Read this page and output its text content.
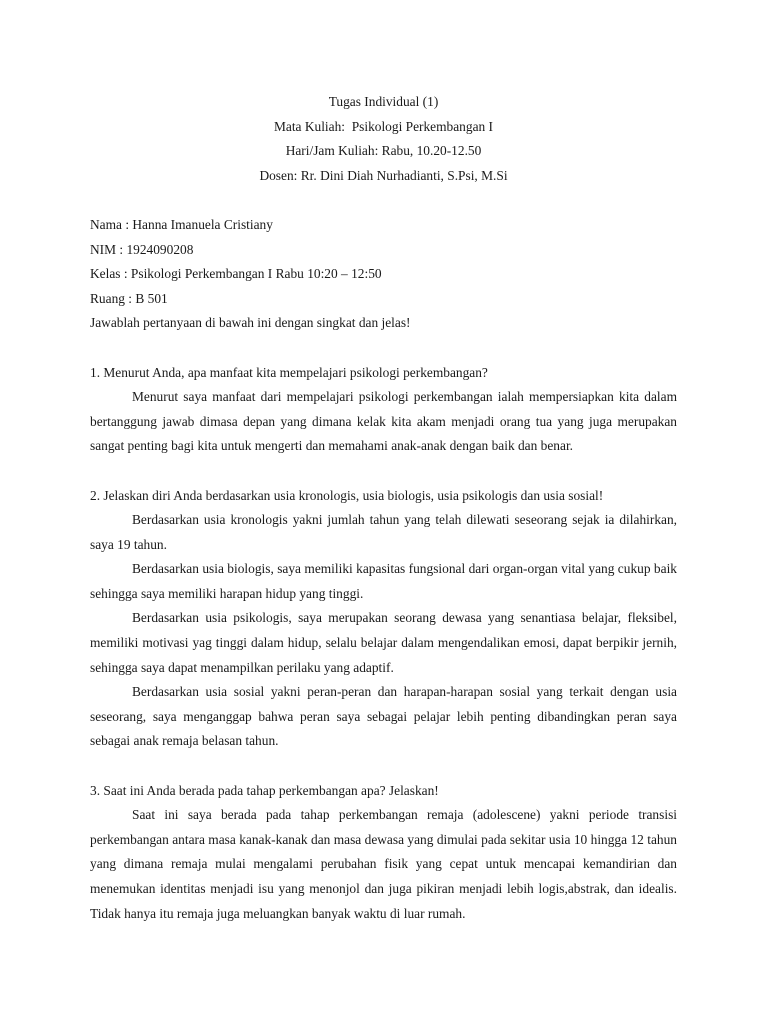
Tugas Individual (1)
Mata Kuliah:  Psikologi Perkembangan I
Hari/Jam Kuliah: Rabu, 10.20-12.50
Dosen: Rr. Dini Diah Nurhadianti, S.Psi, M.Si
Nama : Hanna Imanuela Cristiany
NIM : 1924090208
Kelas : Psikologi Perkembangan I Rabu 10:20 – 12:50
Ruang : B 501
Jawablah pertanyaan di bawah ini dengan singkat dan jelas!

1. Menurut Anda, apa manfaat kita mempelajari psikologi perkembangan?

Menurut saya manfaat dari mempelajari psikologi perkembangan ialah mempersiapkan kita dalam bertanggung jawab dimasa depan yang dimana kelak kita akam menjadi orang tua yang juga merupakan sangat penting bagi kita untuk mengerti dan memahami anak-anak dengan baik dan benar.

2. Jelaskan diri Anda berdasarkan usia kronologis, usia biologis, usia psikologis dan usia sosial!

Berdasarkan usia kronologis yakni jumlah tahun yang telah dilewati seseorang sejak ia dilahirkan, saya 19 tahun.

Berdasarkan usia biologis, saya memiliki kapasitas fungsional dari organ-organ vital yang cukup baik sehingga saya memiliki harapan hidup yang tinggi.

Berdasarkan usia psikologis, saya merupakan seorang dewasa yang senantiasa belajar, fleksibel, memiliki motivasi yag tinggi dalam hidup, selalu belajar dalam mengendalikan emosi, dapat berpikir jernih, sehingga saya dapat menampilkan perilaku yang adaptif.

Berdasarkan usia sosial yakni peran-peran dan harapan-harapan sosial yang terkait dengan usia seseorang, saya menganggap bahwa peran saya sebagai pelajar lebih penting dibandingkan peran saya sebagai anak remaja belasan tahun.

3. Saat ini Anda berada pada tahap perkembangan apa? Jelaskan!

Saat ini saya berada pada tahap perkembangan remaja (adolescene) yakni periode transisi perkembangan antara masa kanak-kanak dan masa dewasa yang dimulai pada sekitar usia 10 hingga 12 tahun yang dimana remaja mulai mengalami perubahan fisik yang cepat untuk mencapai kemandirian dan menemukan identitas menjadi isu yang menonjol dan juga pikiran menjadi lebih logis,abstrak, dan idealis. Tidak hanya itu remaja juga meluangkan banyak waktu di luar rumah.
